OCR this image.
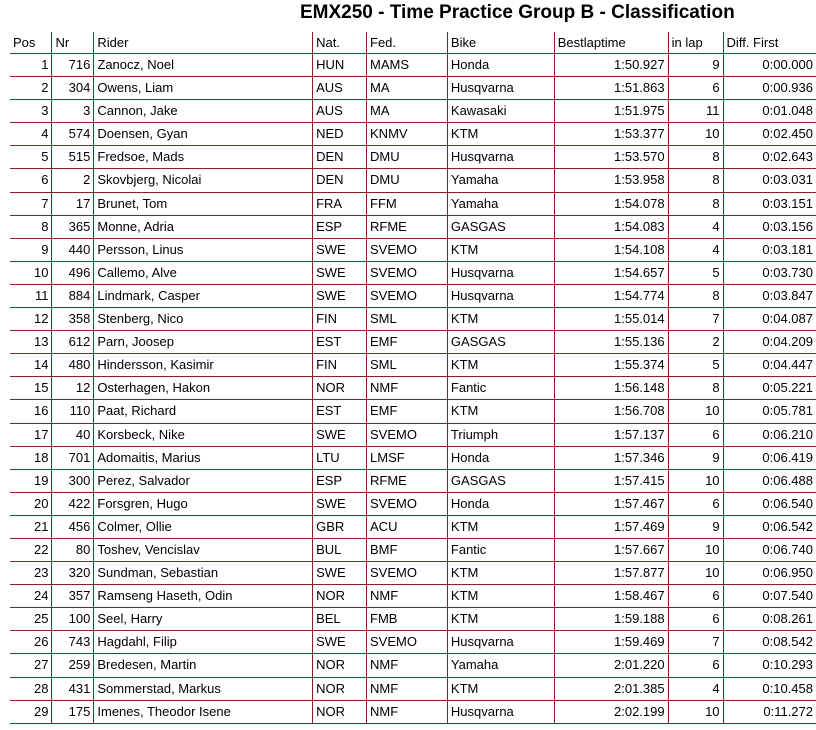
EMX250 - Time Practice Group B - Classification
Pos	Nr	Rider	Nat.	Fed.	Bike	Bestlaptime	in lap	Diff. First
1	716	Zanocz, Noel	HUN	MAMS	Honda	1:50.927	9	0:00.000
2	304	Owens, Liam	AUS	MA	Husqvarna	1:51.863	6	0:00.936
3	3	Cannon, Jake	AUS	MA	Kawasaki	1:51.975	11	0:01.048
4	574	Doensen, Gyan	NED	KNMV	KTM	1:53.377	10	0:02.450
5	515	Fredsoe, Mads	DEN	DMU	Husqvarna	1:53.570	8	0:02.643
6	2	Skovbjerg, Nicolai	DEN	DMU	Yamaha	1:53.958	8	0:03.031
7	17	Brunet, Tom	FRA	FFM	Yamaha	1:54.078	8	0:03.151
8	365	Monne, Adria	ESP	RFME	GASGAS	1:54.083	4	0:03.156
9	440	Persson, Linus	SWE	SVEMO	KTM	1:54.108	4	0:03.181
10	496	Callemo, Alve	SWE	SVEMO	Husqvarna	1:54.657	5	0:03.730
11	884	Lindmark, Casper	SWE	SVEMO	Husqvarna	1:54.774	8	0:03.847
12	358	Stenberg, Nico	FIN	SML	KTM	1:55.014	7	0:04.087
13	612	Parn, Joosep	EST	EMF	GASGAS	1:55.136	2	0:04.209
14	480	Hindersson, Kasimir	FIN	SML	KTM	1:55.374	5	0:04.447
15	12	Osterhagen, Hakon	NOR	NMF	Fantic	1:56.148	8	0:05.221
16	110	Paat, Richard	EST	EMF	KTM	1:56.708	10	0:05.781
17	40	Korsbeck, Nike	SWE	SVEMO	Triumph	1:57.137	6	0:06.210
18	701	Adomaitis, Marius	LTU	LMSF	Honda	1:57.346	9	0:06.419
19	300	Perez, Salvador	ESP	RFME	GASGAS	1:57.415	10	0:06.488
20	422	Forsgren, Hugo	SWE	SVEMO	Honda	1:57.467	6	0:06.540
21	456	Colmer, Ollie	GBR	ACU	KTM	1:57.469	9	0:06.542
22	80	Toshev, Vencislav	BUL	BMF	Fantic	1:57.667	10	0:06.740
23	320	Sundman, Sebastian	SWE	SVEMO	KTM	1:57.877	10	0:06.950
24	357	Ramseng Haseth, Odin	NOR	NMF	KTM	1:58.467	6	0:07.540
25	100	Seel, Harry	BEL	FMB	KTM	1:59.188	6	0:08.261
26	743	Hagdahl, Filip	SWE	SVEMO	Husqvarna	1:59.469	7	0:08.542
27	259	Bredesen, Martin	NOR	NMF	Yamaha	2:01.220	6	0:10.293
28	431	Sommerstad, Markus	NOR	NMF	KTM	2:01.385	4	0:10.458
29	175	Imenes, Theodor Isene	NOR	NMF	Husqvarna	2:02.199	10	0:11.272
